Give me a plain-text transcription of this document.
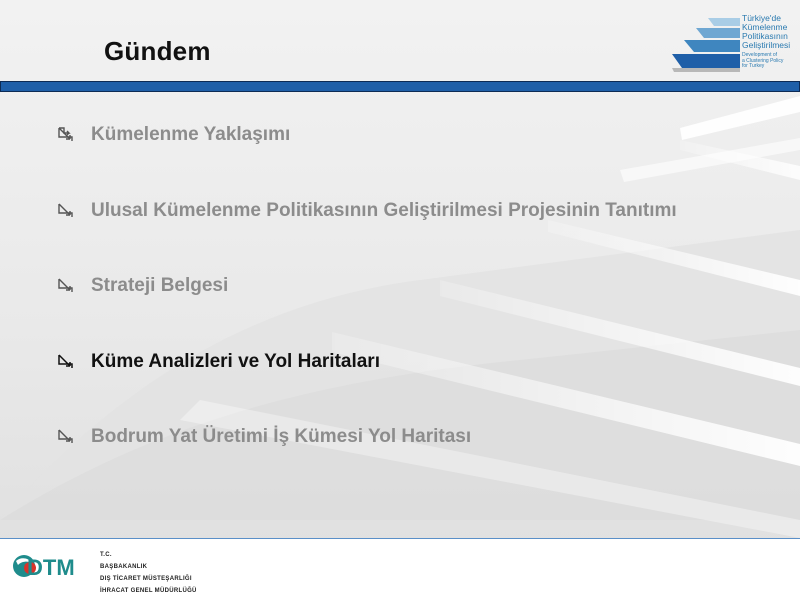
Gündem
Türkiye'de
Kümelenme
Politikasının
Geliştirilmesi
Development of
a Clustering Policy
for Turkey
Kümelenme Yaklaşımı
Ulusal Kümelenme Politikasının Geliştirilmesi Projesinin Tanıtımı
Strateji Belgesi
Küme Analizleri ve Yol Haritaları
Bodrum Yat Üretimi İş Kümesi Yol Haritası
DTM	T.C.
BAŞBAKANLIK
DIŞ TİCARET MÜSTEŞARLIĞI
İHRACAT GENEL MÜDÜRLÜĞÜ
